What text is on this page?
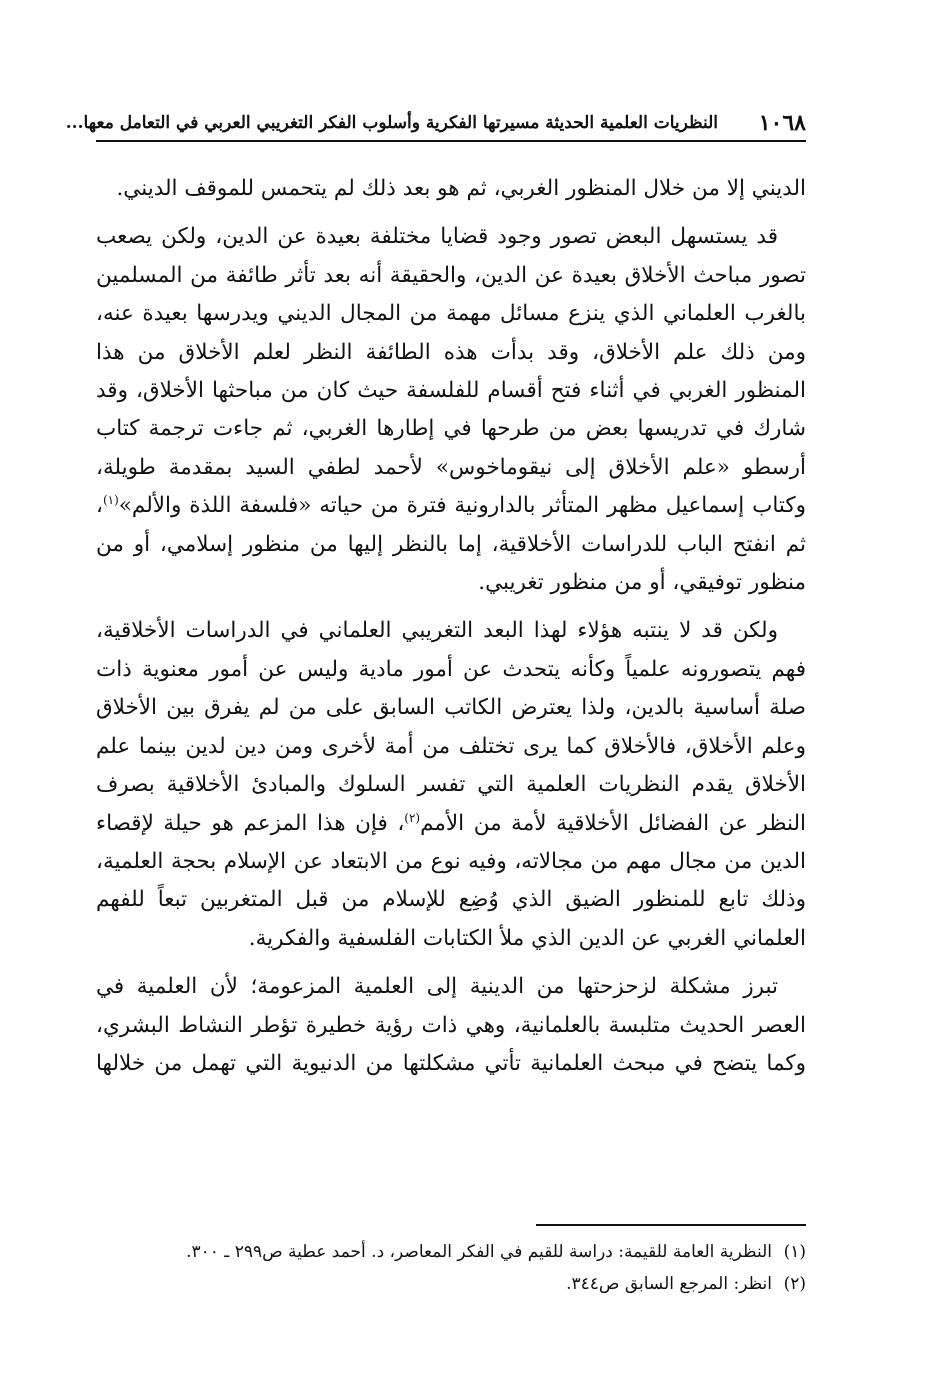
١٠٦٨
النظريات العلمية الحديثة مسيرتها الفكرية وأسلوب الفكر التغريبي العربي في التعامل معها...

الديني إلا من خلال المنظور الغربي، ثم هو بعد ذلك لم يتحمس للموقف الديني.

قد يستسهل البعض تصور وجود قضايا مختلفة بعيدة عن الدين، ولكن يصعب تصور مباحث الأخلاق بعيدة عن الدين، والحقيقة أنه بعد تأثر طائفة من المسلمين بالغرب العلماني الذي ينزع مسائل مهمة من المجال الديني ويدرسها بعيدة عنه، ومن ذلك علم الأخلاق، وقد بدأت هذه الطائفة النظر لعلم الأخلاق من هذا المنظور الغربي في أثناء فتح أقسام للفلسفة حيث كان من مباحثها الأخلاق، وقد شارك في تدريسها بعض من طرحها في إطارها الغربي، ثم جاءت ترجمة كتاب أرسطو «علم الأخلاق إلى نيقوماخوس» لأحمد لطفي السيد بمقدمة طويلة، وكتاب إسماعيل مظهر المتأثر بالدارونية فترة من حياته «فلسفة اللذة والألم»$^{(١)}$، ثم انفتح الباب للدراسات الأخلاقية، إما بالنظر إليها من منظور إسلامي، أو من منظور توفيقي، أو من منظور تغريبي.

ولكن قد لا ينتبه هؤلاء لهذا البعد التغريبي العلماني في الدراسات الأخلاقية، فهم يتصورونه علمياً وكأنه يتحدث عن أمور مادية وليس عن أمور معنوية ذات صلة أساسية بالدين، ولذا يعترض الكاتب السابق على من لم يفرق بين الأخلاق وعلم الأخلاق، فالأخلاق كما يرى تختلف من أمة لأخرى ومن دين لدين بينما علم الأخلاق يقدم النظريات العلمية التي تفسر السلوك والمبادئ الأخلاقية بصرف النظر عن الفضائل الأخلاقية لأمة من الأمم$^{(٢)}$، فإن هذا المزعم هو حيلة لإقصاء الدين من مجال مهم من مجالاته، وفيه نوع من الابتعاد عن الإسلام بحجة العلمية، وذلك تابع للمنظور الضيق الذي وُضِع للإسلام من قبل المتغربين تبعاً للفهم العلماني الغربي عن الدين الذي ملأ الكتابات الفلسفية والفكرية.

تبرز مشكلة لزحزحتها من الدينية إلى العلمية المزعومة؛ لأن العلمية في العصر الحديث متلبسة بالعلمانية، وهي ذات رؤية خطيرة تؤطر النشاط البشري، وكما يتضح في مبحث العلمانية تأتي مشكلتها من الدنيوية التي تهمل من خلالها

(١)النظرية العامة للقيمة: دراسة للقيم في الفكر المعاصر، د. أحمد عطية ص٢٩٩ ـ ٣٠٠.

(٢)انظر: المرجع السابق ص٣٤٤.
